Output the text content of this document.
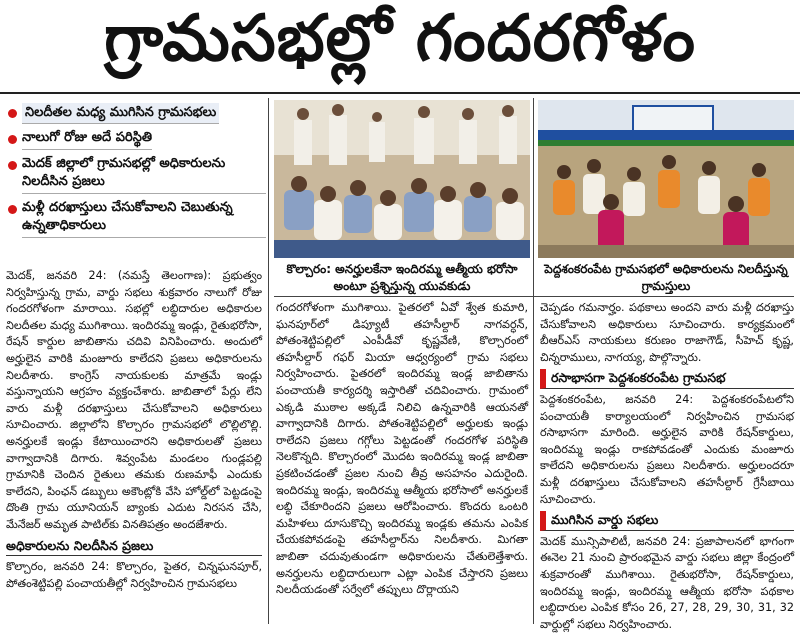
గ్రామసభల్లో గందరగోళం
నిలదీతల మధ్య ముగిసిన గ్రామసభలు
నాలుగో రోజు అదే పరిస్థితి
మెదక్ జిల్లాలో గ్రామసభల్లో అధికారులను నిలదీసిన ప్రజలు
మళ్లీ దరఖాస్తులు చేసుకోవాలని చెబుతున్న ఉన్నతాధికారులు
కొల్చారం: అనర్హులకేనా ఇందిరమ్మ ఆత్మీయ భరోసా అంటూ ప్రశ్నిస్తున్న యువకుడు
పెద్దశంకరంపేట గ్రామసభలో అధికారులను నిలదీస్తున్న గ్రామస్తులు

మెదక్, జనవరి 24: (నమస్తే తెలంగాణ): ప్రభుత్వం నిర్వహిస్తున్న గ్రామ, వార్డు సభలు శుక్రవారం నాలుగో రోజు గందరగోళంగా మారాయి. సభల్లో లబ్ధిదారుల అధికారుల నిలదీతల మధ్య ముగిశాయి. ఇందిరమ్మ ఇండ్లు, రైతుభరోసా, రేషన్ కార్డుల జాబితాను చదివి వినిపించారు. అందులో అర్హులైన వారికి మంజూరు కాలేదని ప్రజలు అధికారులను నిలదీశారు. కాంగ్రెస్ నాయకులకు మాత్రమే ఇండ్లు వస్తున్నాయని ఆగ్రహం వ్యక్తంచేశారు. జాబితాలో పేర్లు లేని వారు మళ్లీ దరఖాస్తులు చేసుకోవాలని అధికారులు సూచించారు. జిల్లాలోని కొల్చారం గ్రామసభలో లొల్లిలొల్లి. అనర్హులకే ఇండ్లు కేటాయించారని అధికారులతో ప్రజలు వాగ్వాదానికి దిగారు. శివ్వంపేట మండలం గుండ్లపల్లి గ్రామానికి చెందిన రైతులు తమకు రుణమాఫీ ఎందుకు కాలేదని, పింఛన్ డబ్బులు అకౌంట్లోకి వేసి హోల్డ్‌లో పెట్టడంపై దొంతి గ్రామ యూనియన్ బ్యాంకు ఎదుట నిరసన చేసి, మేనేజర్ అమృత పాటిల్‌కు వినతిపత్రం అందజేశారు.

అధికారులను నిలదీసిన ప్రజలు

కొల్చారం, జనవరి 24: కొల్చారం, పైతర, చిన్నఘనపూర్, పోతంశెట్టిపల్లి పంచాయతీల్లో నిర్వహించిన గ్రామసభలు

గందరగోళంగా ముగిశాయి. పైతరలో ఏవో శ్వేత కుమారి, ఘనపూర్‌లో డిప్యూటీ తహసీల్దార్ నాగవర్ధన్, పోతంశెట్టిపల్లిలో ఎంపీడీవో కృష్ణవేణి, కొల్చారంలో తహసీల్దార్ గఫర్ మియా ఆధ్వర్యంలో గ్రామ సభలు నిర్వహించారు. పైతరలో ఇందిరమ్మ ఇండ్ల జాబితాను పంచాయతీ కార్యదర్శి ఇస్తారితో చదివించారు. గ్రామంలో ఎక్కడి ముఠాల అక్కడే నిలిచి ఉన్నవారికి ఆయనతో వాగ్వాదానికి దిగారు. పోతంశెట్టిపల్లిలో అర్హులకు ఇండ్లు రాలేదని ప్రజలు గగ్గోలు పెట్టడంతో గందరగోళ పరిస్థితి నెలకొన్నది. కొల్చారంలో మొదట ఇందిరమ్మ ఇండ్ల జాబితా ప్రకటించడంతో ప్రజల నుంచి తీవ్ర అసహనం ఎదురైంది. ఇందిరమ్మ ఇండ్లు, ఇందిరమ్మ ఆత్మీయ భరోసాలో అనర్హులకే లబ్ధి చేకూరిందని ప్రజలు ఆరోపించారు. కొందరు ఒంటరి మహిళలు దూసుకొచ్చి ఇందిరమ్మ ఇండ్లకు తమను ఎంపిక చేయకపోవడంపై తహసీల్దార్‌ను నిలదీశారు. మిగతా జాబితా చదువుతుండగా అధికారులను చేతులెత్తేశారు. అనర్హులను లబ్ధిదారులుగా ఎట్లా ఎంపిక చేస్తారని ప్రజలు నిలదీయడంతో సర్వేలో తప్పులు దొర్లాయని

చెప్పడం గమనార్హం. పథకాలు అందని వారు మళ్లీ దరఖాస్తు చేసుకోవాలని అధికారులు సూచించారు. కార్యక్రమంలో బీఆర్ఎస్ నాయకులు కరుణం రాజాగౌడ్, సీహెచ్ కృష్ణ, చిన్నరాములు, నాగయ్య, పొల్గొన్నారు.

రసాభాసగా పెద్దశంకరంపేట గ్రామసభ

పెద్దశంకరంపేట, జనవరి 24: పెద్దశంకరంపేటలోని పంచాయతీ కార్యాలయంలో నిర్వహించిన గ్రామసభ రసాభాసగా మారింది. అర్హులైన వారికి రేషన్‌కార్డులు, ఇందిరమ్మ ఇండ్లు రాకపోవడంతో ఎందుకు మంజూరు కాలేదని అధికారులను ప్రజలు నిలదీశారు. అర్హులందరూ మళ్లీ దరఖాస్తులు చేసుకోవాలని తహసీల్దార్ గ్రేసీబాయి సూచించారు.

ముగిసిన వార్డు సభలు

మెదక్ మున్సిపాలిటీ, జనవరి 24: ప్రజాపాలనలో భాగంగా ఈనెల 21 నుంచి ప్రారంభమైన వార్డు సభలు జిల్లా కేంద్రంలో శుక్రవారంతో ముగిశాయి. రైతుభరోసా, రేషన్‌కార్డులు, ఇందిరమ్మ ఇండ్లు, ఇందిరమ్మ ఆత్మీయ భరోసా పథకాల లబ్ధిదారుల ఎంపిక కోసం 26, 27, 28, 29, 30, 31, 32 వార్డుల్లో సభలు నిర్వహించారు.
